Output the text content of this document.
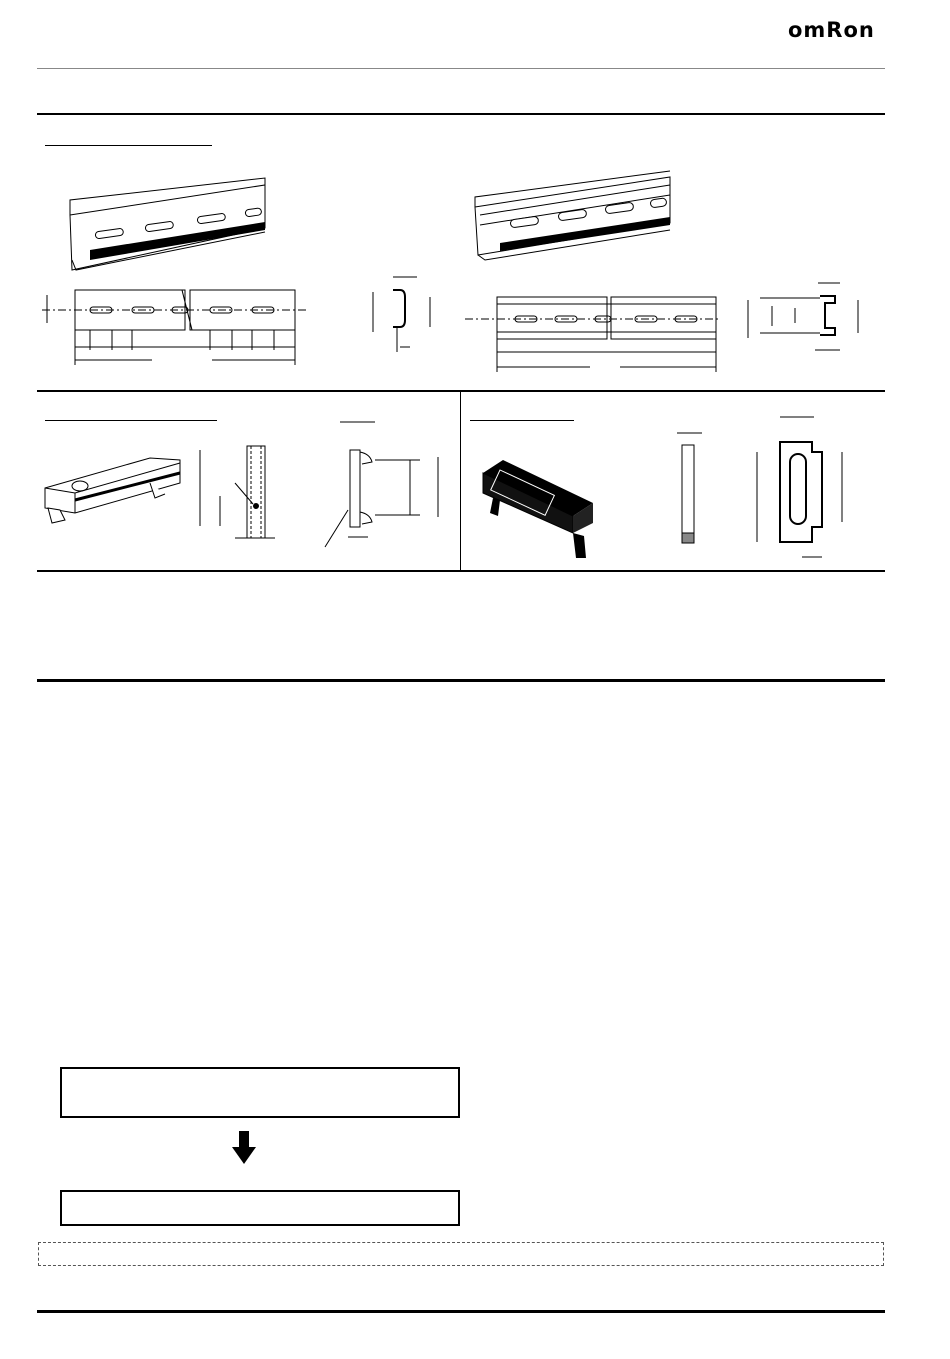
omRon
